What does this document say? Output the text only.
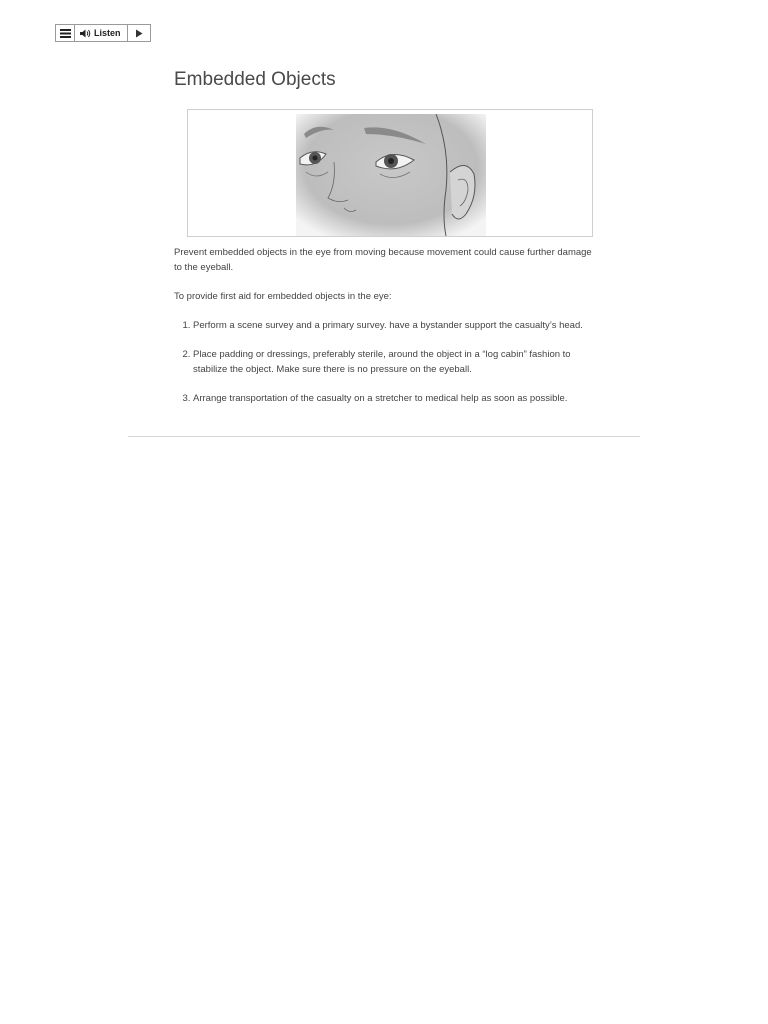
Listen
Embedded Objects

Prevent embedded objects in the eye from moving because movement could cause further damage to the eyeball.

To provide first aid for embedded objects in the eye:

1. Perform a scene survey and a primary survey. have a bystander support the casualty’s head.
2. Place padding or dressings, preferably sterile, around the object in a “log cabin” fashion to stabilize the object. Make sure there is no pressure on the eyeball.
3. Arrange transportation of the casualty on a stretcher to medical help as soon as possible.
